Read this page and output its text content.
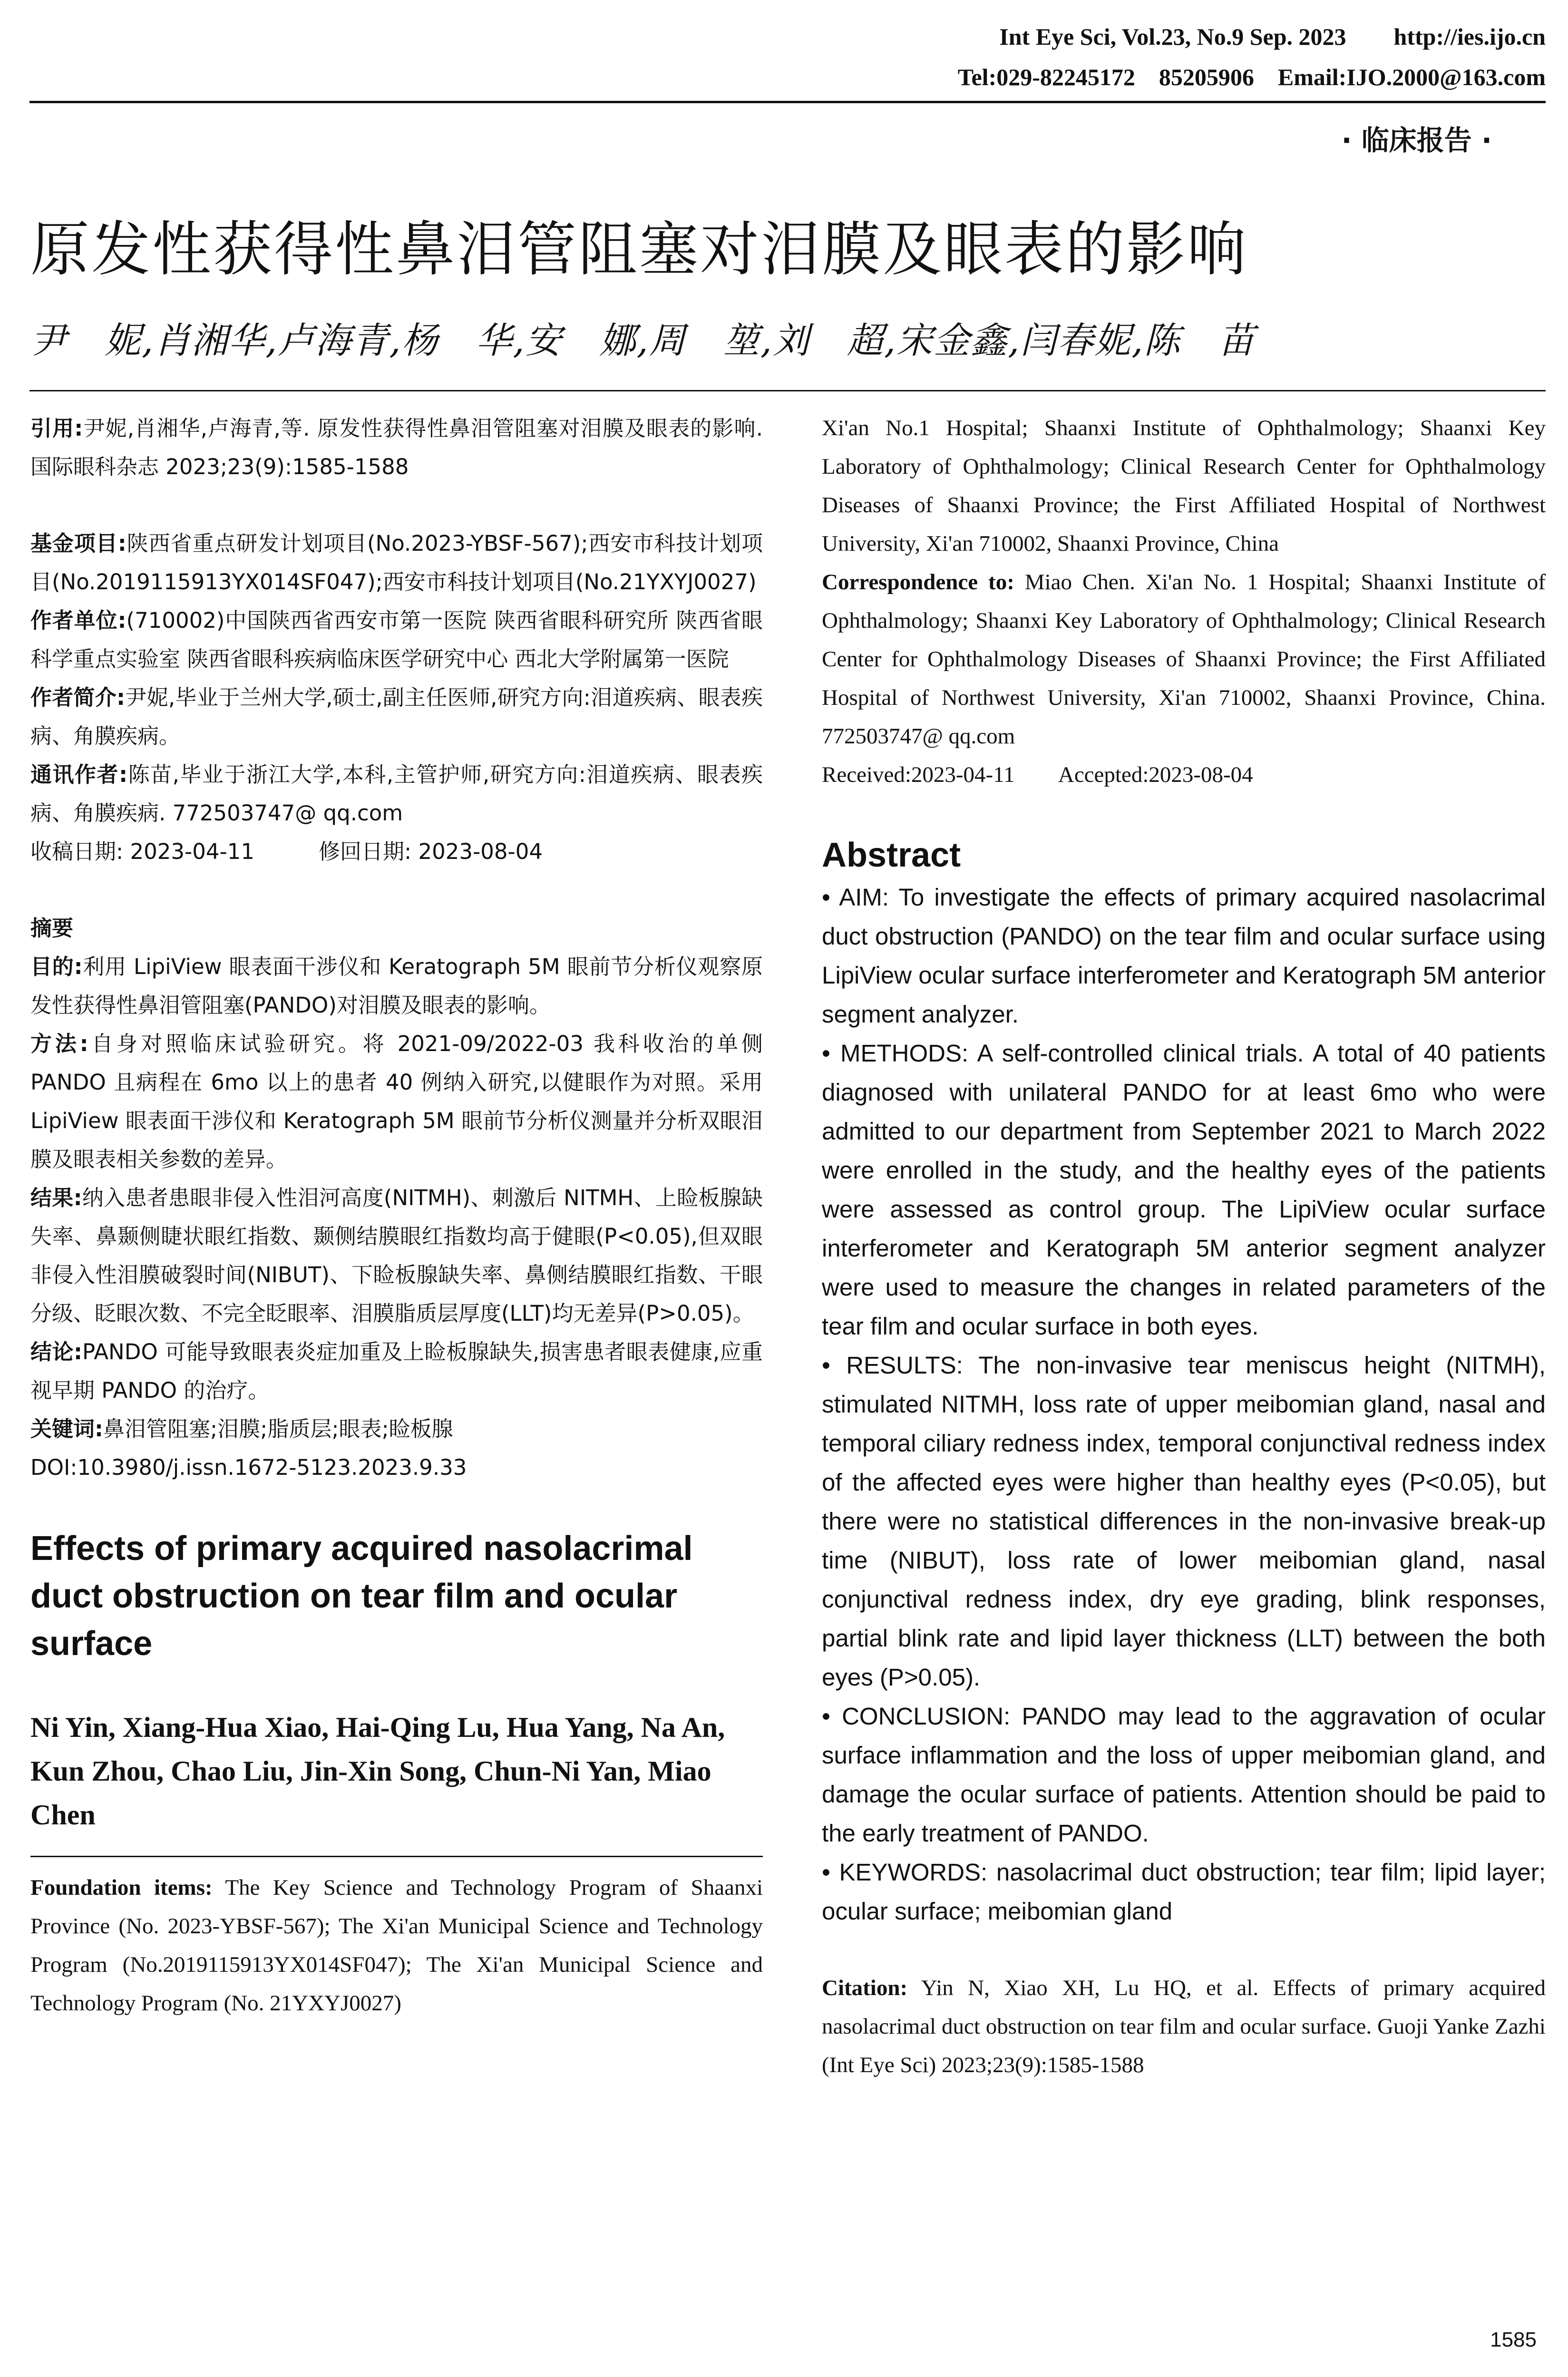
Int Eye Sci, Vol.23, No.9 Sep. 2023        http://ies.ijo.cn
Tel:029-82245172    85205906    Email:IJO.2000@163.com
· 临床报告 ·
原发性获得性鼻泪管阻塞对泪膜及眼表的影响
尹　妮,肖湘华,卢海青,杨　华,安　娜,周　堃,刘　超,宋金鑫,闫春妮,陈　苗

引用:尹妮,肖湘华,卢海青,等. 原发性获得性鼻泪管阻塞对泪膜及眼表的影响. 国际眼科杂志 2023;23(9):1585-1588

基金项目:陕西省重点研发计划项目(No.2023-YBSF-567);西安市科技计划项目(No.2019115913YX014SF047);西安市科技计划项目(No.21YXYJ0027)

作者单位:(710002)中国陕西省西安市第一医院 陕西省眼科研究所 陕西省眼科学重点实验室 陕西省眼科疾病临床医学研究中心 西北大学附属第一医院

作者简介:尹妮,毕业于兰州大学,硕士,副主任医师,研究方向:泪道疾病、眼表疾病、角膜疾病。

通讯作者:陈苗,毕业于浙江大学,本科,主管护师,研究方向:泪道疾病、眼表疾病、角膜疾病. 772503747@ qq.com

收稿日期: 2023-04-11　　　修回日期: 2023-08-04

摘要

目的:利用 LipiView 眼表面干涉仪和 Keratograph 5M 眼前节分析仪观察原发性获得性鼻泪管阻塞(PANDO)对泪膜及眼表的影响。

方法:自身对照临床试验研究。将 2021-09/2022-03 我科收治的单侧 PANDO 且病程在 6mo 以上的患者 40 例纳入研究,以健眼作为对照。采用 LipiView 眼表面干涉仪和 Keratograph 5M 眼前节分析仪测量并分析双眼泪膜及眼表相关参数的差异。

结果:纳入患者患眼非侵入性泪河高度(NITMH)、刺激后 NITMH、上睑板腺缺失率、鼻颞侧睫状眼红指数、颞侧结膜眼红指数均高于健眼(P<0.05),但双眼非侵入性泪膜破裂时间(NIBUT)、下睑板腺缺失率、鼻侧结膜眼红指数、干眼分级、眨眼次数、不完全眨眼率、泪膜脂质层厚度(LLT)均无差异(P>0.05)。

结论:PANDO 可能导致眼表炎症加重及上睑板腺缺失,损害患者眼表健康,应重视早期 PANDO 的治疗。

关键词:鼻泪管阻塞;泪膜;脂质层;眼表;睑板腺

DOI:10.3980/j.issn.1672-5123.2023.9.33

Effects of primary acquired nasolacrimal duct obstruction on tear film and ocular surface

Ni Yin, Xiang-Hua Xiao, Hai-Qing Lu, Hua Yang, Na An, Kun Zhou, Chao Liu, Jin-Xin Song, Chun-Ni Yan, Miao Chen

Foundation items: The Key Science and Technology Program of Shaanxi Province (No. 2023-YBSF-567); The Xi'an Municipal Science and Technology Program (No.2019115913YX014SF047); The Xi'an Municipal Science and Technology Program (No. 21YXYJ0027)

Xi'an No.1 Hospital; Shaanxi Institute of Ophthalmology; Shaanxi Key Laboratory of Ophthalmology; Clinical Research Center for Ophthalmology Diseases of Shaanxi Province; the First Affiliated Hospital of Northwest University, Xi'an 710002, Shaanxi Province, China

Correspondence to: Miao Chen. Xi'an No. 1 Hospital; Shaanxi Institute of Ophthalmology; Shaanxi Key Laboratory of Ophthalmology; Clinical Research Center for Ophthalmology Diseases of Shaanxi Province; the First Affiliated Hospital of Northwest University, Xi'an 710002, Shaanxi Province, China. 772503747@ qq.com

Received:2023-04-11        Accepted:2023-08-04

Abstract

• AIM: To investigate the effects of primary acquired nasolacrimal duct obstruction (PANDO) on the tear film and ocular surface using LipiView ocular surface interferometer and Keratograph 5M anterior segment analyzer.

• METHODS: A self-controlled clinical trials. A total of 40 patients diagnosed with unilateral PANDO for at least 6mo who were admitted to our department from September 2021 to March 2022 were enrolled in the study, and the healthy eyes of the patients were assessed as control group. The LipiView ocular surface interferometer and Keratograph 5M anterior segment analyzer were used to measure the changes in related parameters of the tear film and ocular surface in both eyes.

• RESULTS: The non-invasive tear meniscus height (NITMH), stimulated NITMH, loss rate of upper meibomian gland, nasal and temporal ciliary redness index, temporal conjunctival redness index of the affected eyes were higher than healthy eyes (P<0.05), but there were no statistical differences in the non-invasive break-up time (NIBUT), loss rate of lower meibomian gland, nasal conjunctival redness index, dry eye grading, blink responses, partial blink rate and lipid layer thickness (LLT) between the both eyes (P>0.05).

• CONCLUSION: PANDO may lead to the aggravation of ocular surface inflammation and the loss of upper meibomian gland, and damage the ocular surface of patients. Attention should be paid to the early treatment of PANDO.

• KEYWORDS: nasolacrimal duct obstruction; tear film; lipid layer; ocular surface; meibomian gland

Citation: Yin N, Xiao XH, Lu HQ, et al. Effects of primary acquired nasolacrimal duct obstruction on tear film and ocular surface. Guoji Yanke Zazhi (Int Eye Sci) 2023;23(9):1585-1588

1585
